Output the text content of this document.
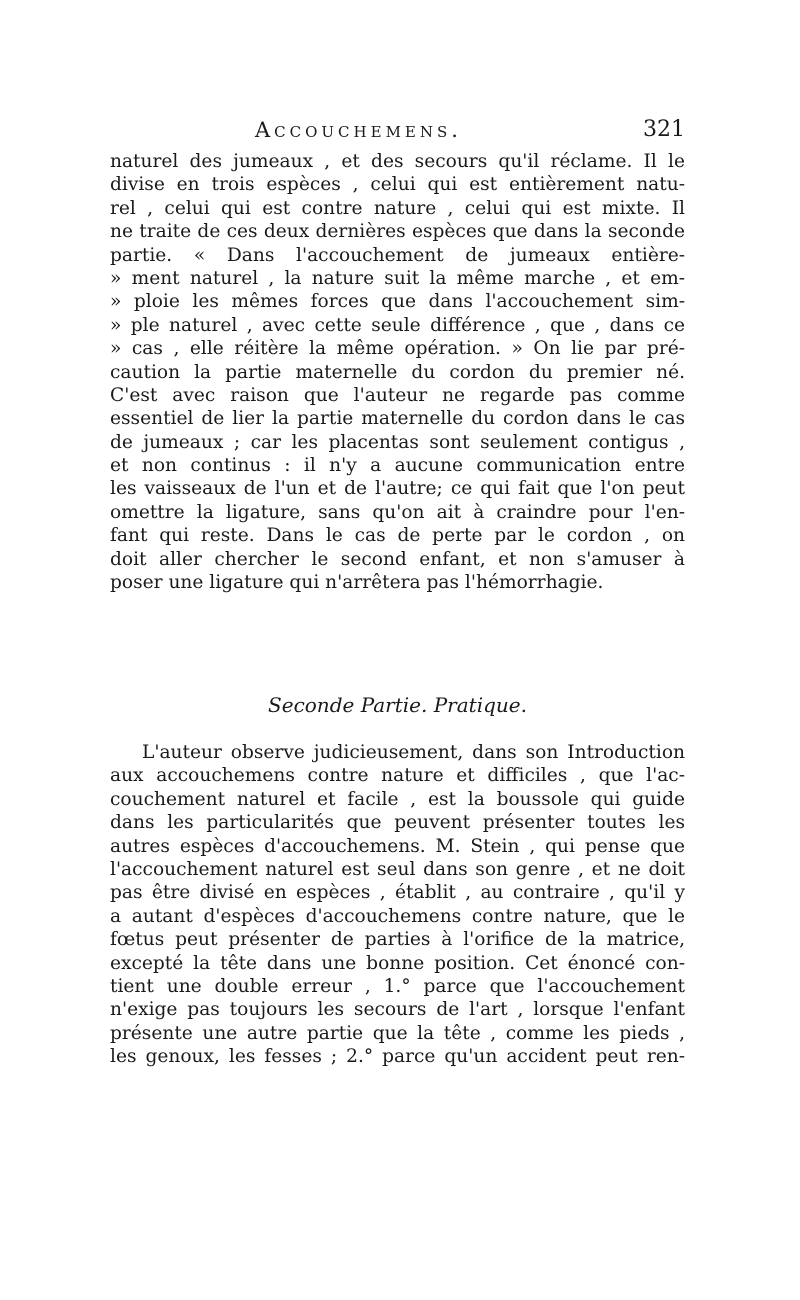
Accouchemens.	321
naturel des jumeaux , et des secours qu'il réclame. Il le
divise en trois espèces , celui qui est entièrement natu-
rel , celui qui est contre nature , celui qui est mixte. Il
ne traite de ces deux dernières espèces que dans la seconde
partie. « Dans l'accouchement de jumeaux entière-
» ment naturel , la nature suit la même marche , et em-
» ploie les mêmes forces que dans l'accouchement sim-
» ple naturel , avec cette seule différence , que , dans ce
» cas , elle réitère la même opération. » On lie par pré-
caution la partie maternelle du cordon du premier né.
C'est avec raison que l'auteur ne regarde pas comme
essentiel de lier la partie maternelle du cordon dans le cas
de jumeaux ; car les placentas sont seulement contigus ,
et non continus : il n'y a aucune communication entre
les vaisseaux de l'un et de l'autre; ce qui fait que l'on peut
omettre la ligature, sans qu'on ait à craindre pour l'en-
fant qui reste. Dans le cas de perte par le cordon , on
doit aller chercher le second enfant, et non s'amuser à
poser une ligature qui n'arrêtera pas l'hémorrhagie.
Seconde Partie. Pratique.
L'auteur observe judicieusement, dans son Introduction
aux accouchemens contre nature et difficiles , que l'ac-
couchement naturel et facile , est la boussole qui guide
dans les particularités que peuvent présenter toutes les
autres espèces d'accouchemens. M. Stein , qui pense que
l'accouchement naturel est seul dans son genre , et ne doit
pas être divisé en espèces , établit , au contraire , qu'il y
a autant d'espèces d'accouchemens contre nature, que le
fœtus peut présenter de parties à l'orifice de la matrice,
excepté la tête dans une bonne position. Cet énoncé con-
tient une double erreur , 1.° parce que l'accouchement
n'exige pas toujours les secours de l'art , lorsque l'enfant
présente une autre partie que la tête , comme les pieds ,
les genoux, les fesses ; 2.° parce qu'un accident peut ren-
